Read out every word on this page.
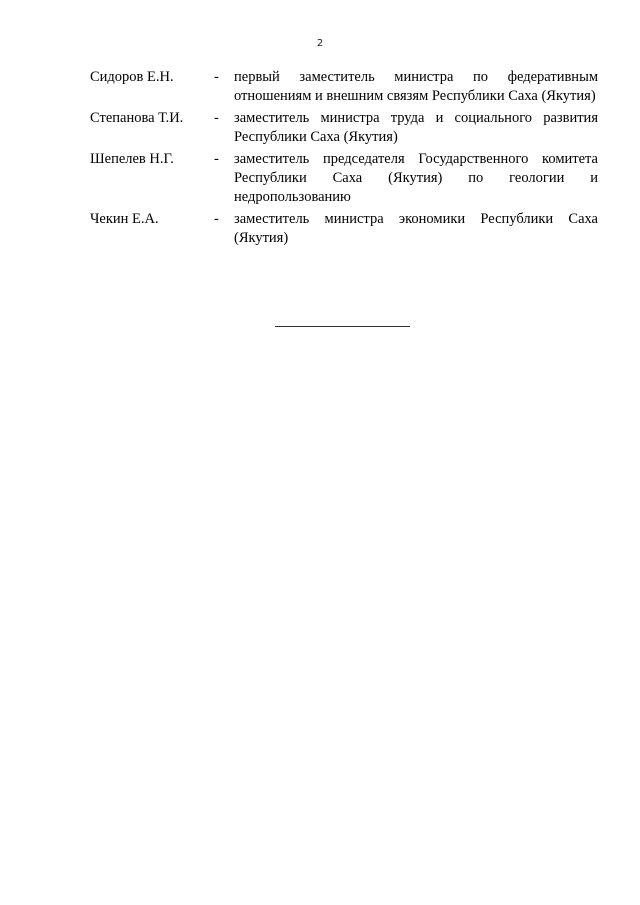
2
Сидоров Е.Н.	-	первый заместитель министра по федеративным отношениям и внешним связям Республики Саха (Якутия)
Степанова Т.И.	-	заместитель министра труда и социального развития Республики Саха (Якутия)
Шепелев Н.Г.	-	заместитель председателя Государственного комитета Республики Саха (Якутия) по геологии и недропользованию
Чекин Е.А.	-	заместитель министра экономики Республики Саха (Якутия)
